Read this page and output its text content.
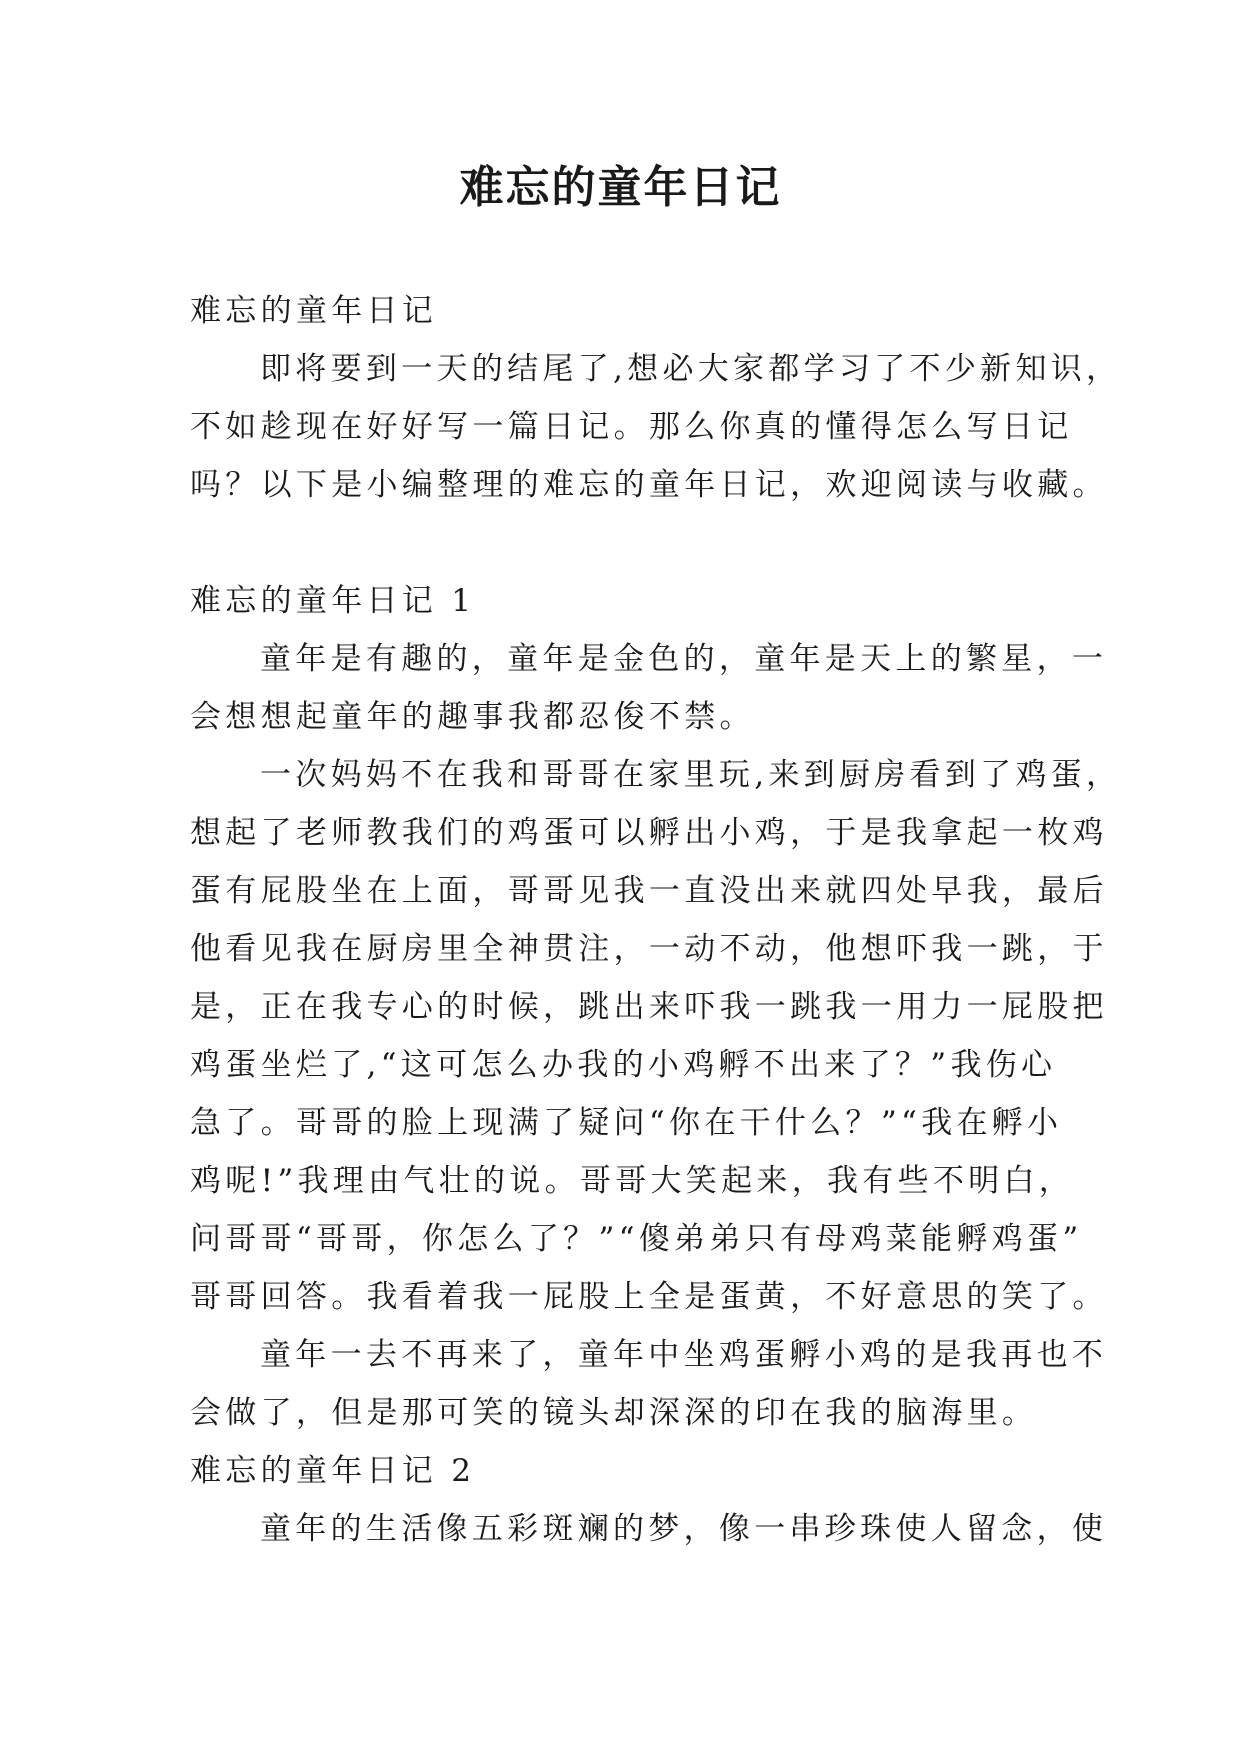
难忘的童年日记
难忘的童年日记
即将要到一天的结尾了,想必大家都学习了不少新知识，
不如趁现在好好写一篇日记。那么你真的懂得怎么写日记
吗？以下是小编整理的难忘的童年日记，欢迎阅读与收藏。
难忘的童年日记 1
童年是有趣的，童年是金色的，童年是天上的繁星，一
会想想起童年的趣事我都忍俊不禁。
一次妈妈不在我和哥哥在家里玩,来到厨房看到了鸡蛋，
想起了老师教我们的鸡蛋可以孵出小鸡，于是我拿起一枚鸡
蛋有屁股坐在上面，哥哥见我一直没出来就四处早我，最后
他看见我在厨房里全神贯注，一动不动，他想吓我一跳，于
是，正在我专心的时候，跳出来吓我一跳我一用力一屁股把
鸡蛋坐烂了,“这可怎么办我的小鸡孵不出来了？”我伤心
急了。哥哥的脸上现满了疑问“你在干什么？”“我在孵小
鸡呢!”我理由气壮的说。哥哥大笑起来，我有些不明白，
问哥哥“哥哥，你怎么了？”“傻弟弟只有母鸡菜能孵鸡蛋”
哥哥回答。我看着我一屁股上全是蛋黄，不好意思的笑了。
童年一去不再来了，童年中坐鸡蛋孵小鸡的是我再也不
会做了，但是那可笑的镜头却深深的印在我的脑海里。
难忘的童年日记 2
童年的生活像五彩斑斓的梦，像一串珍珠使人留念，使
